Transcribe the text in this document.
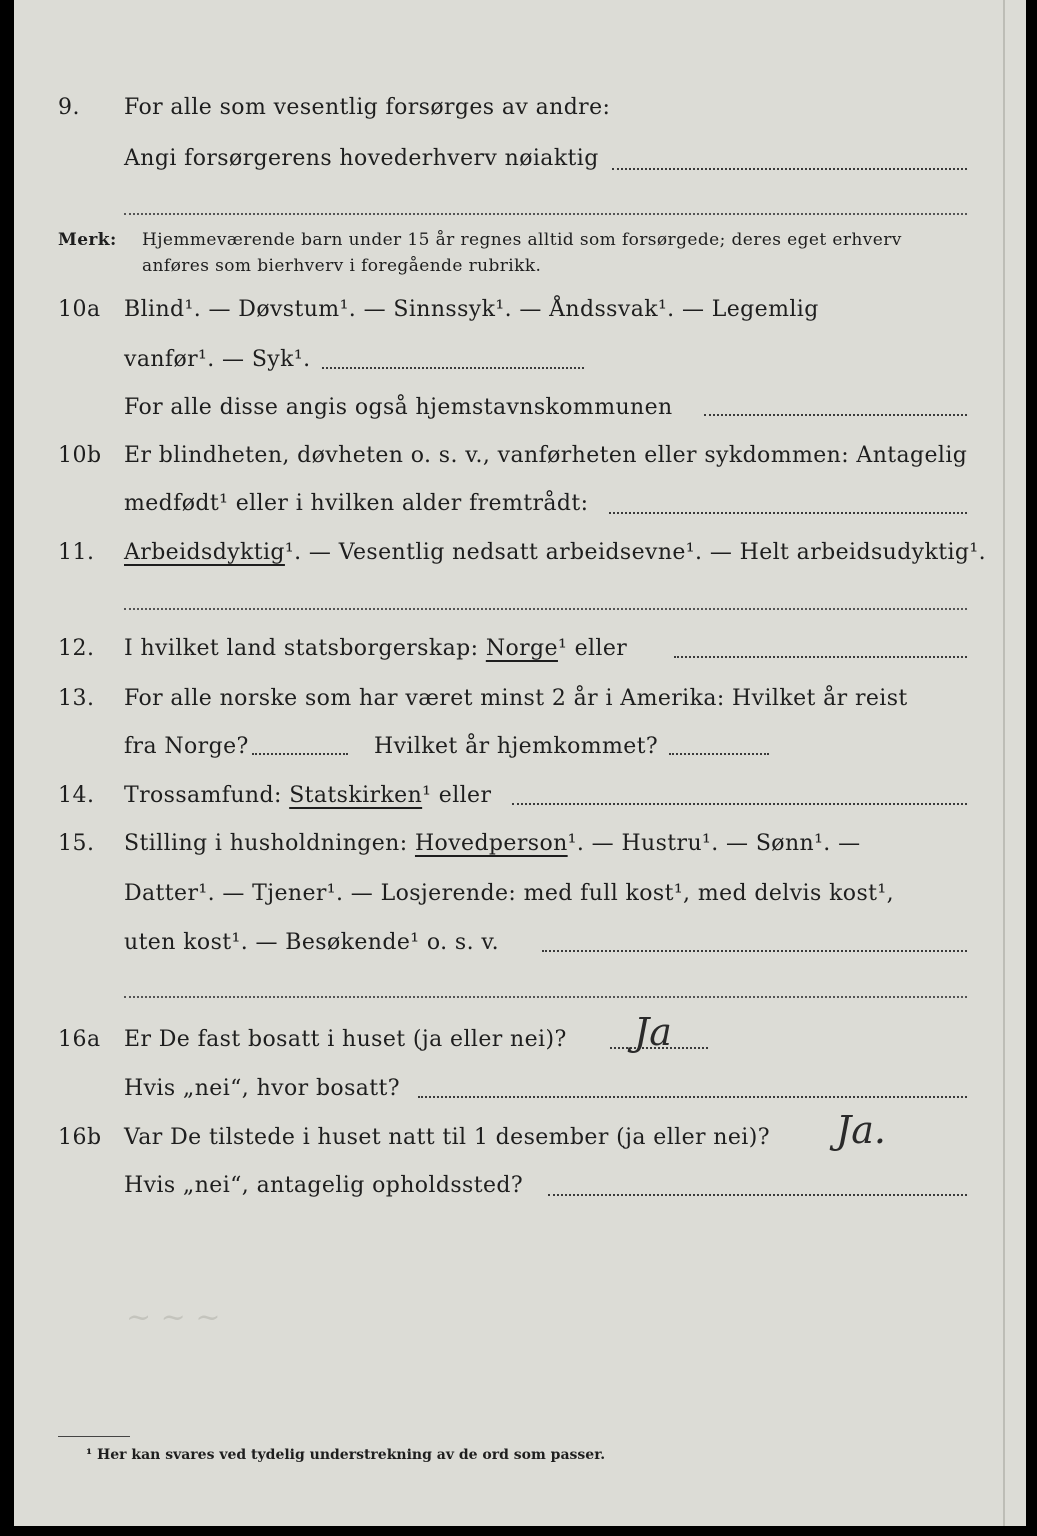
9. For alle som vesentlig forsørges av andre:
Angi forsørgerens hovederhverv nøiaktig
Merk: Hjemmeværende barn under 15 år regnes alltid som forsørgede; deres eget erhverv
anføres som bierhverv i foregående rubrikk.
10a Blind¹. — Døvstum¹. — Sinnssyk¹. — Åndssvak¹. — Legemlig
vanfør¹. — Syk¹.
For alle disse angis også hjemstavnskommunen
10b Er blindheten, døvheten o. s. v., vanførheten eller sykdommen: Antagelig
medfødt¹ eller i hvilken alder fremtrådt:
11. Arbeidsdyktig¹. — Vesentlig nedsatt arbeidsevne¹. — Helt arbeidsudyktig¹.
12. I hvilket land statsborgerskap: Norge¹ eller
13. For alle norske som har været minst 2 år i Amerika: Hvilket år reist
fra Norge?	Hvilket år hjemkommet?
14. Trossamfund: Statskirken¹ eller
15. Stilling i husholdningen: Hovedperson¹. — Hustru¹. — Sønn¹. —
Datter¹. — Tjener¹. — Losjerende: med full kost¹, med delvis kost¹,
uten kost¹. — Besøkende¹ o. s. v.
16a Er De fast bosatt i huset (ja eller nei)? Ja
Hvis „nei“, hvor bosatt?
16b Var De tilstede i huset natt til 1 desember (ja eller nei)? Ja.
Hvis „nei“, antagelig opholdssted?
~ ~ ~
¹ Her kan svares ved tydelig understrekning av de ord som passer.
